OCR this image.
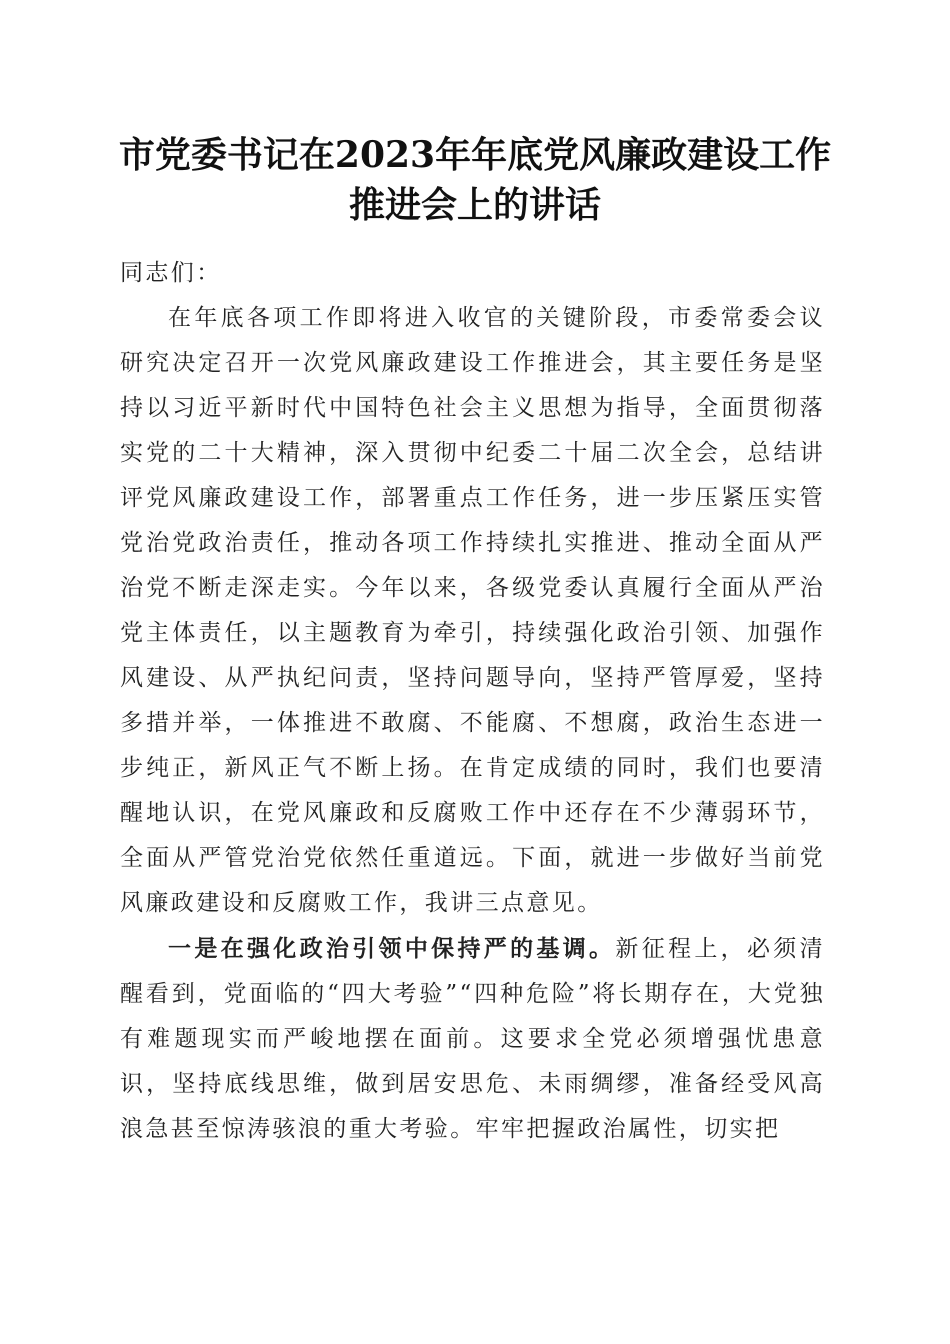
市党委书记在2023年年底党风廉政建设工作
推进会上的讲话

同志们：

在年底各项工作即将进入收官的关键阶段，市委常委会议研究决定召开一次党风廉政建设工作推进会，其主要任务是坚持以习近平新时代中国特色社会主义思想为指导，全面贯彻落实党的二十大精神，深入贯彻中纪委二十届二次全会，总结讲评党风廉政建设工作，部署重点工作任务，进一步压紧压实管党治党政治责任，推动各项工作持续扎实推进、推动全面从严治党不断走深走实。今年以来，各级党委认真履行全面从严治党主体责任，以主题教育为牵引，持续强化政治引领、加强作风建设、从严执纪问责，坚持问题导向，坚持严管厚爱，坚持多措并举，一体推进不敢腐、不能腐、不想腐，政治生态进一步纯正，新风正气不断上扬。在肯定成绩的同时，我们也要清醒地认识，在党风廉政和反腐败工作中还存在不少薄弱环节，全面从严管党治党依然任重道远。下面，就进一步做好当前党风廉政建设和反腐败工作，我讲三点意见。

一是在强化政治引领中保持严的基调。新征程上，必须清醒看到，党面临的“四大考验”“四种危险”将长期存在，大党独有难题现实而严峻地摆在面前。这要求全党必须增强忧患意识，坚持底线思维，做到居安思危、未雨绸缪，准备经受风高浪急甚至惊涛骇浪的重大考验。牢牢把握政治属性，切实把
